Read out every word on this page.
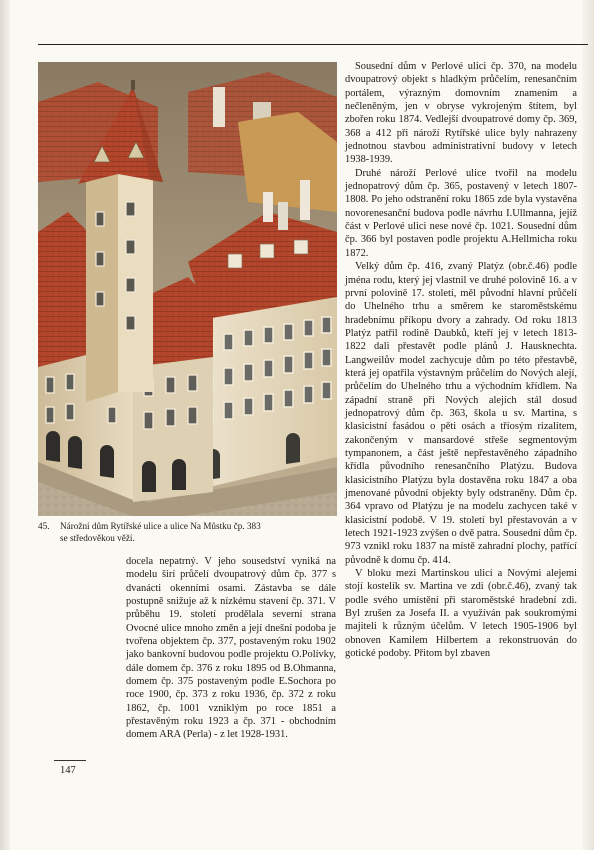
45. Nárožní dům Rytířské ulice a ulice Na Můstku čp. 383
se středověkou věží.

docela nepatrný. V jeho sousedství vyniká na modelu širí průčelí dvoupatrový dům čp. 377 s dvanácti okenními osami. Zástavba se dále postupně snižuje až k nízkému stavení čp. 371. V průběhu 19. století prodělala severní strana Ovocné ulice mnoho změn a její dnešní podoba je tvořena objektem čp. 377, postaveným roku 1902 jako bankovní budovou podle projektu O.Polívky, dále domem čp. 376 z roku 1895 od B.Ohmanna, domem čp. 375 postaveným podle E.Sochora po roce 1900, čp. 373 z roku 1936, čp. 372 z roku 1862, čp. 1001 vzniklým po roce 1851 a přestavěným roku 1923 a čp. 371 - obchodním domem ARA (Perla) - z let 1928-1931.

Sousední dům v Perlové ulici čp. 370, na modelu dvoupatrový objekt s hladkým průčelím, renesančním portálem, výrazným domovním znamením a nečleněným, jen v obryse vykrojeným štítem, byl zbořen roku 1874. Vedlejší dvoupatrové domy čp. 369, 368 a 412 při nároží Rytířské ulice byly nahrazeny jednotnou stavbou administrativní budovy v letech 1938-1939.

Druhé nároží Perlové ulice tvořil na modelu jednopatrový dům čp. 365, postavený v letech 1807-1808. Po jeho odstranění roku 1865 zde byla vystavěna novorenesanční budova podle návrhu I.Ullmanna, jejíž část v Perlové ulici nese nové čp. 1021. Sousední dům čp. 366 byl postaven podle projektu A.Hellmicha roku 1872.

Velký dům čp. 416, zvaný Platýz (obr.č.46) podle jména rodu, který jej vlastnil ve druhé polovině 16. a v první polovině 17. století, měl původní hlavní průčelí do Uhelného trhu a směrem ke staroměstskému hradebnímu příkopu dvory a zahrady. Od roku 1813 Platýz patřil rodině Daubků, kteří jej v letech 1813-1822 dali přestavět podle plánů J. Hausknechta. Langweilův model zachycuje dům po této přestavbě, která jej opatřila výstavným průčelím do Nových alejí, průčelím do Uhelného trhu a východním křídlem. Na západní straně při Nových alejích stál dosud jednopatrový dům čp. 363, škola u sv. Martina, s klasicistní fasádou o pěti osách a tříosým rizalitem, zakončeným v mansardové střeše segmentovým tympanonem, a část ještě nepřestavěného západního křídla původního renesančního Platýzu. Budova klasicistního Platýzu byla dostavěna roku 1847 a oba jmenované původní objekty byly odstraněny. Dům čp. 364 vpravo od Platýzu je na modelu zachycen také v klasicistní podobě. V 19. století byl přestavován a v letech 1921-1923 zvýšen o dvě patra. Sousední dům čp. 973 vznikl roku 1837 na místě zahradní plochy, patřící původně k domu čp. 414.

V bloku mezi Martinskou ulicí a Novými alejemi stojí kostelík sv. Martina ve zdi (obr.č.46), zvaný tak podle svého umístění při staroměstské hradební zdi. Byl zrušen za Josefa II. a využíván pak soukromými majiteli k různým účelům. V letech 1905-1906 byl obnoven Kamilem Hilbertem a rekonstruován do gotické podoby. Přitom byl zbaven

147
